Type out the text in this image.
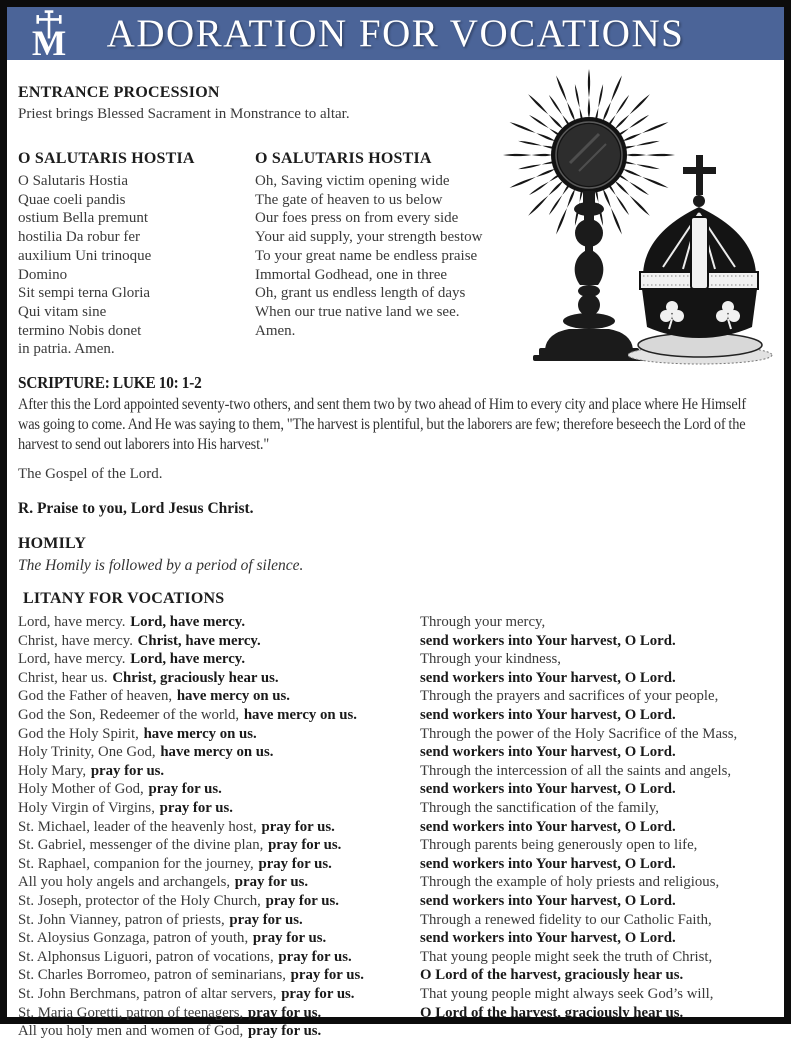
M ADORATION FOR VOCATIONS
ENTRANCE PROCESSION

Priest brings Blessed Sacrament in Monstrance to altar.

O SALUTARIS HOSTIA
O Salutaris Hostia
Quae coeli pandis
ostium Bella premunt
hostilia Da robur fer
auxilium Uni trinoque
Domino
Sit sempi terna Gloria
Qui vitam sine
termino Nobis donet
in patria. Amen.
O SALUTARIS HOSTIA
Oh, Saving victim opening wide
The gate of heaven to us below
Our foes press on from every side
Your aid supply, your strength bestow
To your great name be endless praise
Immortal Godhead, one in three
Oh, grant us endless length of days
When our true native land we see.
Amen.
SCRIPTURE: LUKE 10: 1-2

After this the Lord appointed seventy-two others, and sent them two by two ahead of Him to every city and place where He Himself was going to come. And He was saying to them, "The harvest is plentiful, but the laborers are few; therefore beseech the Lord of the harvest to send out laborers into His harvest."

The Gospel of the Lord.

R. Praise to you, Lord Jesus Christ.

HOMILY

The Homily is followed by a period of silence.

LITANY FOR VOCATIONS
Lord, have mercy. Lord, have mercy.
Christ, have mercy. Christ, have mercy.
Lord, have mercy. Lord, have mercy.
Christ, hear us. Christ, graciously hear us.
God the Father of heaven, have mercy on us.
God the Son, Redeemer of the world, have mercy on us.
God the Holy Spirit, have mercy on us.
Holy Trinity, One God, have mercy on us.
Holy Mary, pray for us.
Holy Mother of God, pray for us.
Holy Virgin of Virgins, pray for us.
St. Michael, leader of the heavenly host, pray for us.
St. Gabriel, messenger of the divine plan, pray for us.
St. Raphael, companion for the journey, pray for us.
All you holy angels and archangels, pray for us.
St. Joseph, protector of the Holy Church, pray for us.
St. John Vianney, patron of priests, pray for us.
St. Aloysius Gonzaga, patron of youth, pray for us.
St. Alphonsus Liguori, patron of vocations, pray for us.
St. Charles Borromeo, patron of seminarians, pray for us.
St. John Berchmans, patron of altar servers, pray for us.
St. Maria Goretti, patron of teenagers, pray for us.
All you holy men and women of God, pray for us.
Through your mercy,
send workers into Your harvest, O Lord.
Through your kindness,
send workers into Your harvest, O Lord.
Through the prayers and sacrifices of your people,
send workers into Your harvest, O Lord.
Through the power of the Holy Sacrifice of the Mass,
send workers into Your harvest, O Lord.
Through the intercession of all the saints and angels,
send workers into Your harvest, O Lord.
Through the sanctification of the family,
send workers into Your harvest, O Lord.
Through parents being generously open to life,
send workers into Your harvest, O Lord.
Through the example of holy priests and religious,
send workers into Your harvest, O Lord.
Through a renewed fidelity to our Catholic Faith,
send workers into Your harvest, O Lord.
That young people might seek the truth of Christ,
O Lord of the harvest, graciously hear us.
That young people might always seek God’s will,
O Lord of the harvest, graciously hear us.
